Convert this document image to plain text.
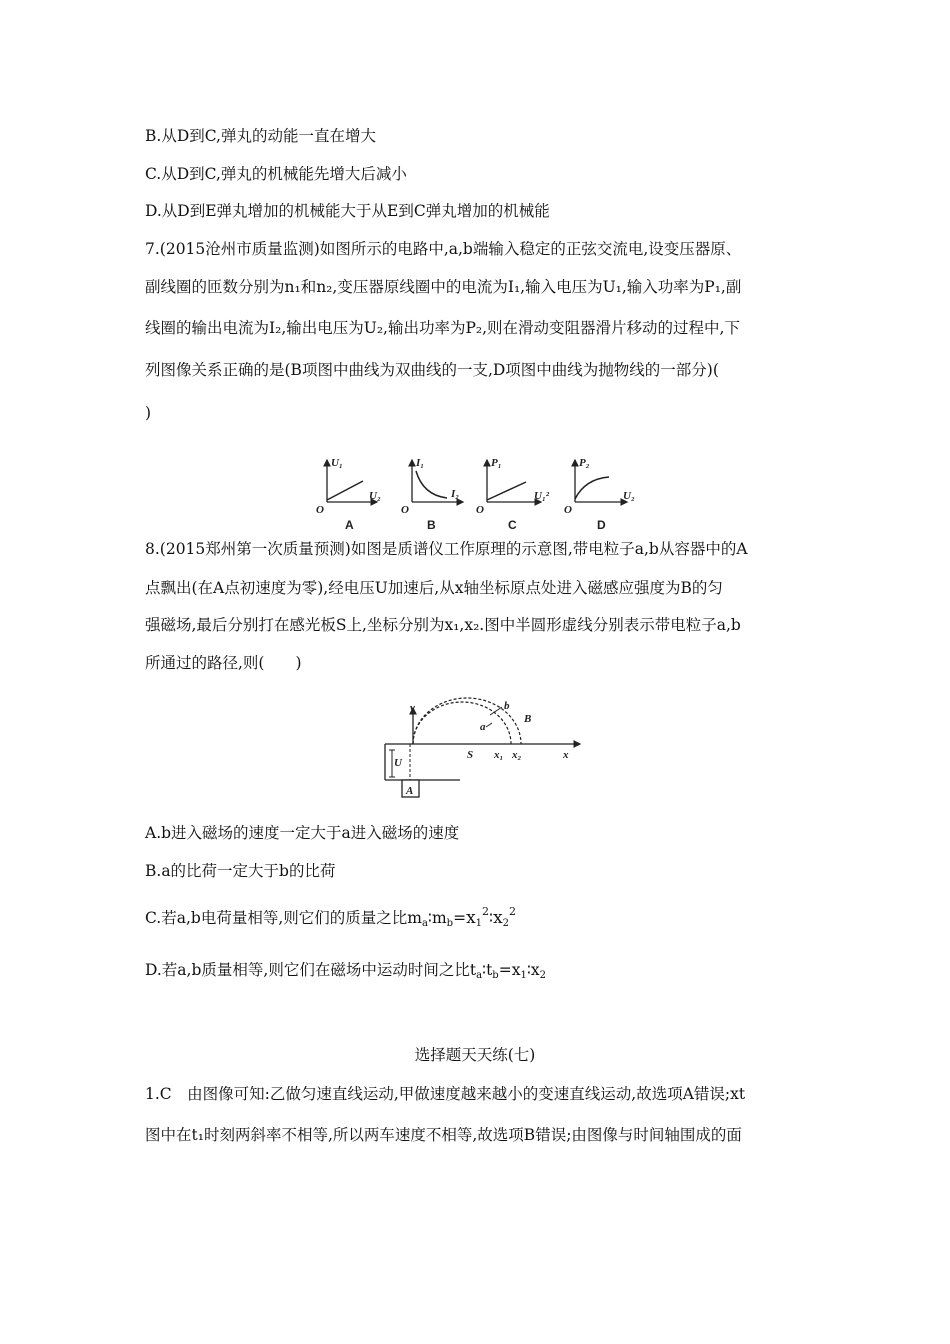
B.从D到C,弹丸的动能一直在增大
C.从D到C,弹丸的机械能先增大后减小
D.从D到E弹丸增加的机械能大于从E到C弹丸增加的机械能
7.(2015沧州市质量监测)如图所示的电路中,a,b端输入稳定的正弦交流电,设变压器原、
副线圈的匝数分别为n₁和n₂,变压器原线圈中的电流为I₁,输入电压为U₁,输入功率为P₁,副
线圈的输出电流为I₂,输出电压为U₂,输出功率为P₂,则在滑动变阻器滑片移动的过程中,下
列图像关系正确的是(B项图中曲线为双曲线的一支,D项图中曲线为抛物线的一部分)(
)
U₁
U₂
O
A
I₁
I₂
O
B
P₁
U₁²
O
C
P₂
U₂
O
D
8.(2015郑州第一次质量预测)如图是质谱仪工作原理的示意图,带电粒子a,b从容器中的A
点飘出(在A点初速度为零),经电压U加速后,从x轴坐标原点处进入磁感应强度为B的匀
强磁场,最后分别打在感光板S上,坐标分别为x₁,x₂.图中半圆形虚线分别表示带电粒子a,b
所通过的路径,则(　　)
v
a
b
B
S x₁ x₂	x
U
A
A.b进入磁场的速度一定大于a进入磁场的速度
B.a的比荷一定大于b的比荷
C.若a,b电荷量相等,则它们的质量之比$ma∶mb=x1^2∶x2^2$
D.若a,b质量相等,则它们在磁场中运动时间之比ta∶tb=x1∶x2
选择题天天练(七)
1.C　由图像可知:乙做匀速直线运动,甲做速度越来越小的变速直线运动,故选项A错误;xt
图中在t₁时刻两斜率不相等,所以两车速度不相等,故选项B错误;由图像与时间轴围成的面
